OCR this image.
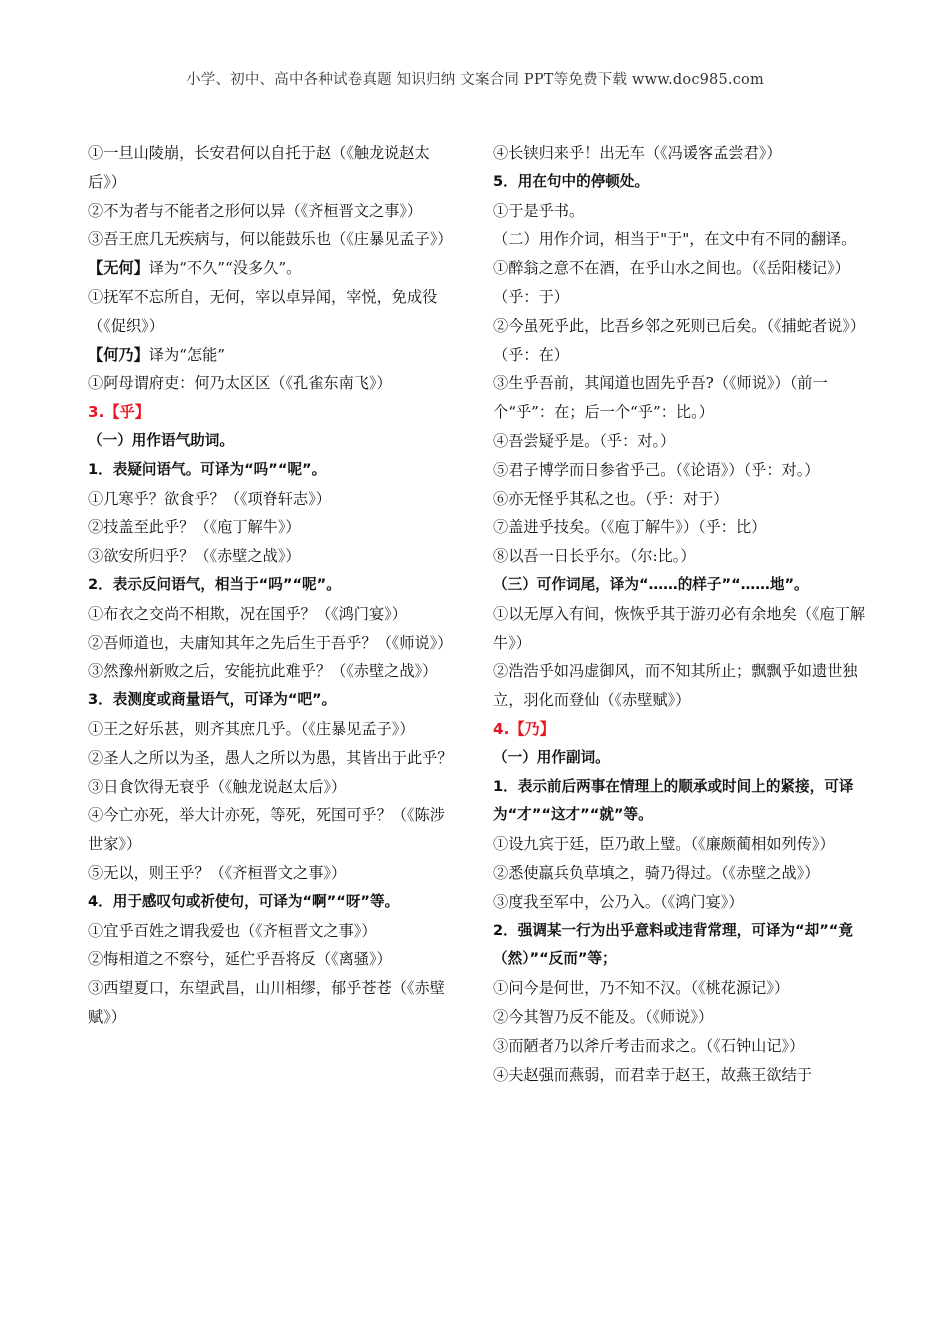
小学、初中、高中各种试卷真题 知识归纳 文案合同 PPT等免费下载 www.doc985.com
①一旦山陵崩，长安君何以自托于赵（《触龙说赵太后》）
②不为者与不能者之形何以异（《齐桓晋文之事》）
③吾王庶几无疾病与，何以能鼓乐也（《庄暴见孟子》）
【无何】译为“不久”“没多久”。
①抚军不忘所自，无何，宰以卓异闻，宰悦，免成役（《促织》）
【何乃】译为“怎能”
①阿母谓府吏：何乃太区区（《孔雀东南飞》）
3.【乎】
（一）用作语气助词。
1．表疑问语气。可译为“吗”“呢”。
①几寒乎？欲食乎？（《项脊轩志》）
②技盖至此乎？（《庖丁解牛》）
③欲安所归乎？（《赤壁之战》）
2．表示反问语气，相当于“吗”“呢”。
①布衣之交尚不相欺，况在国乎？（《鸿门宴》）
②吾师道也，夫庸知其年之先后生于吾乎？（《师说》）
③然豫州新败之后，安能抗此难乎？（《赤壁之战》）
3．表测度或商量语气，可译为“吧”。
①王之好乐甚，则齐其庶几乎。（《庄暴见孟子》）
②圣人之所以为圣，愚人之所以为愚，其皆出于此乎？
③日食饮得无衰乎（《触龙说赵太后》）
④今亡亦死，举大计亦死，等死，死国可乎？（《陈涉世家》）
⑤无以，则王乎？（《齐桓晋文之事》）
4．用于感叹句或祈使句，可译为“啊”“呀”等。
①宜乎百姓之谓我爱也（《齐桓晋文之事》）
②悔相道之不察兮，延伫乎吾将反（《离骚》）
③西望夏口，东望武昌，山川相缪，郁乎苍苍（《赤壁赋》）
④长铗归来乎！出无车（《冯谖客孟尝君》）
5．用在句中的停顿处。
①于是乎书。
（二）用作介词，相当于"于"，在文中有不同的翻译。
①醉翁之意不在酒，在乎山水之间也。（《岳阳楼记》）（乎：于）
②今虽死乎此，比吾乡邻之死则已后矣。（《捕蛇者说》）（乎：在）
③生乎吾前，其闻道也固先乎吾?（《师说》）（前一个“乎”：在；后一个“乎”：比。）
④吾尝疑乎是。（乎：对。）
⑤君子博学而日参省乎己。（《论语》）（乎：对。）
⑥亦无怪乎其私之也。（乎：对于）
⑦盖进乎技矣。（《庖丁解牛》）（乎：比）
⑧以吾一日长乎尔。（尔:比。）
（三）可作词尾，译为“……的样子”“……地”。
①以无厚入有间，恢恢乎其于游刃必有余地矣（《庖丁解牛》）
②浩浩乎如冯虚御风，而不知其所止；飘飘乎如遗世独立，羽化而登仙（《赤壁赋》）
4.【乃】
（一）用作副词。
1．表示前后两事在情理上的顺承或时间上的紧接，可译为“才”“这才”“就”等。
①设九宾于廷，臣乃敢上璧。（《廉颇蔺相如列传》）
②悉使羸兵负草填之，骑乃得过。（《赤壁之战》）
③度我至军中，公乃入。（《鸿门宴》）
2．强调某一行为出乎意料或违背常理，可译为“却”“竟（然）”“反而”等；
①问今是何世，乃不知不汉。（《桃花源记》）
②今其智乃反不能及。（《师说》）
③而陋者乃以斧斤考击而求之。（《石钟山记》）
④夫赵强而燕弱，而君幸于赵王，故燕王欲结于
